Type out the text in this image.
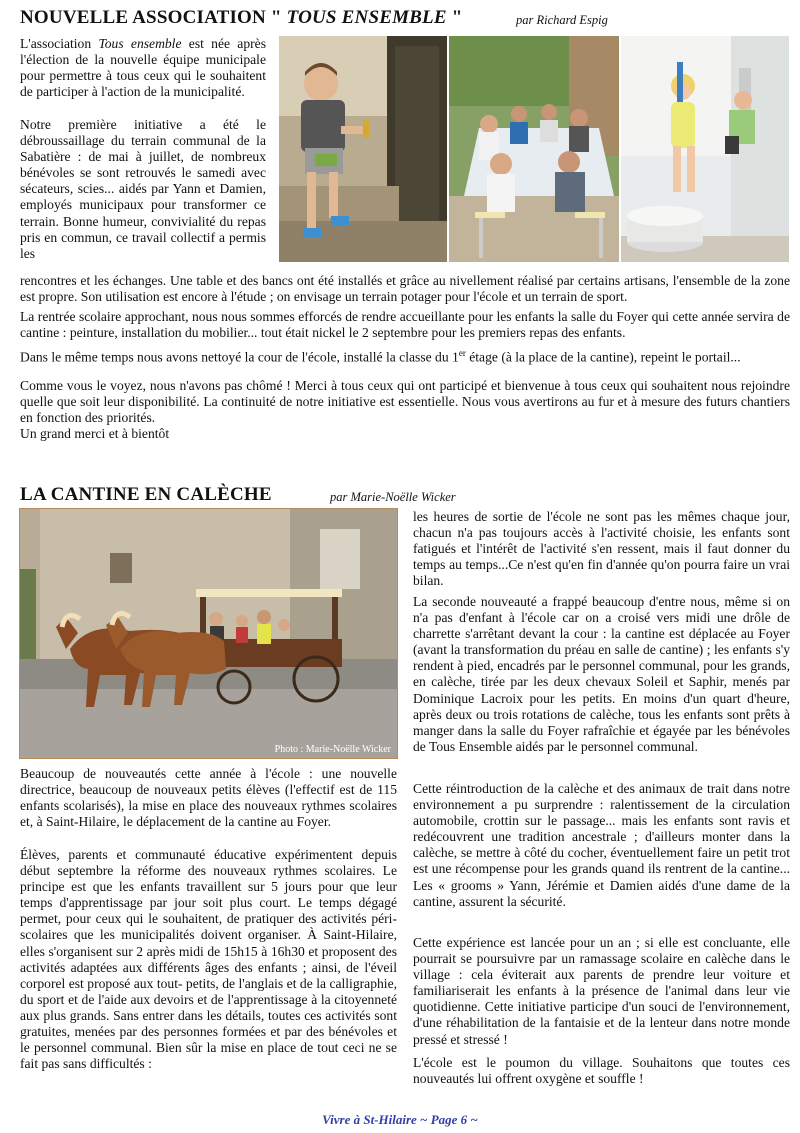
NOUVELLE ASSOCIATION " TOUS ENSEMBLE "	par Richard Espig
L'association Tous ensemble est née après l'élection de la nouvelle équipe municipale pour permettre à tous ceux qui le souhaitent de participer à l'action de la municipalité.

Notre première initiative a été le débroussaillage du terrain communal de la Sabatière : de mai à juillet, de nombreux bénévoles se sont retrouvés le samedi avec sécateurs, scies... aidés par Yann et Damien, employés municipaux pour transformer ce terrain. Bonne humeur, convivialité du repas pris en commun, ce travail collectif a permis les

rencontres et les échanges. Une table et des bancs ont été installés et grâce au nivellement réalisé par certains artisans, l'ensemble de la zone est propre. Son utilisation est encore à l'étude ; on envisage un terrain potager pour l'école et un terrain de sport.

La rentrée scolaire approchant, nous nous sommes efforcés de rendre accueillante pour les enfants la salle du Foyer qui cette année servira de cantine : peinture, installation du mobilier... tout était nickel le 2 septembre pour les premiers repas des enfants.

Dans le même temps nous avons nettoyé la cour de l'école, installé la classe du 1er étage (à la place de la cantine), repeint le portail...

Comme vous le voyez, nous n'avons pas chômé ! Merci à tous ceux qui ont participé et bienvenue à tous ceux qui souhaitent nous rejoindre quelle que soit leur disponibilité. La continuité de notre initiative est essentielle. Nous vous avertirons au fur et à mesure des futurs chantiers en fonction des priorités.

Un grand merci et à bientôt

LA CANTINE EN CALÈCHE	par Marie-Noëlle Wicker
Photo : Marie-Noëlle Wicker

Beaucoup de nouveautés cette année à l'école : une nouvelle directrice, beaucoup de nouveaux petits élèves (l'effectif est de 115 enfants scolarisés), la mise en place des nouveaux rythmes scolaires et, à Saint-Hilaire, le déplacement de la cantine au Foyer.

Élèves, parents et communauté éducative expérimentent depuis début septembre la réforme des nouveaux rythmes scolaires. Le principe est que les enfants travaillent sur 5 jours pour que leur temps d'apprentissage par jour soit plus court. Le temps dégagé permet, pour ceux qui le souhaitent, de pratiquer des activités péri- scolaires que les municipalités doivent organiser. À Saint-Hilaire, elles s'organisent sur 2 après midi de 15h15 à 16h30 et proposent des activités adaptées aux différents âges des enfants ; ainsi, de l'éveil corporel est proposé aux tout- petits, de l'anglais et de la calligraphie, du sport et de l'aide aux devoirs et de l'apprentissage à la citoyenneté aux plus grands. Sans entrer dans les détails, toutes ces activités sont gratuites, menées par des personnes formées et par des bénévoles et le personnel communal. Bien sûr la mise en place de tout ceci ne se fait pas sans difficultés :

les heures de sortie de l'école ne sont pas les mêmes chaque jour, chacun n'a pas toujours accès à l'activité choisie, les enfants sont fatigués et l'intérêt de l'activité s'en ressent, mais il faut donner du temps au temps...Ce n'est qu'en fin d'année qu'on pourra faire un vrai bilan.

La seconde nouveauté a frappé beaucoup d'entre nous, même si on n'a pas d'enfant à l'école car on a croisé vers midi une drôle de charrette s'arrêtant devant la cour : la cantine est déplacée au Foyer (avant la transformation du préau en salle de cantine) ; les enfants s'y rendent à pied, encadrés par le personnel communal, pour les grands, en calèche, tirée par les deux chevaux Soleil et Saphir, menés par Dominique Lacroix pour les petits. En moins d'un quart d'heure, après deux ou trois rotations de calèche, tous les enfants sont prêts à manger dans la salle du Foyer rafraîchie et égayée par les bénévoles de Tous Ensemble aidés par le personnel communal.

Cette réintroduction de la calèche et des animaux de trait dans notre environnement a pu surprendre : ralentissement de la circulation automobile, crottin sur le passage... mais les enfants sont ravis et redécouvrent une tradition ancestrale ; d'ailleurs monter dans la calèche, se mettre à côté du cocher, éventuellement faire un petit trot est une récompense pour les grands quand ils rentrent de la cantine... Les « grooms » Yann, Jérémie et Damien aidés d'une dame de la cantine, assurent la sécurité.

Cette expérience est lancée pour un an ; si elle est concluante, elle pourrait se poursuivre par un ramassage scolaire en calèche dans le village : cela éviterait aux parents de prendre leur voiture et familiariserait les enfants à la présence de l'animal dans leur vie quotidienne. Cette initiative participe d'un souci de l'environnement, d'une réhabilitation de la fantaisie et de la lenteur dans notre monde pressé et stressé !

L'école est le poumon du village. Souhaitons que toutes ces nouveautés lui offrent oxygène et souffle !

Vivre à St-Hilaire ~ Page 6 ~
